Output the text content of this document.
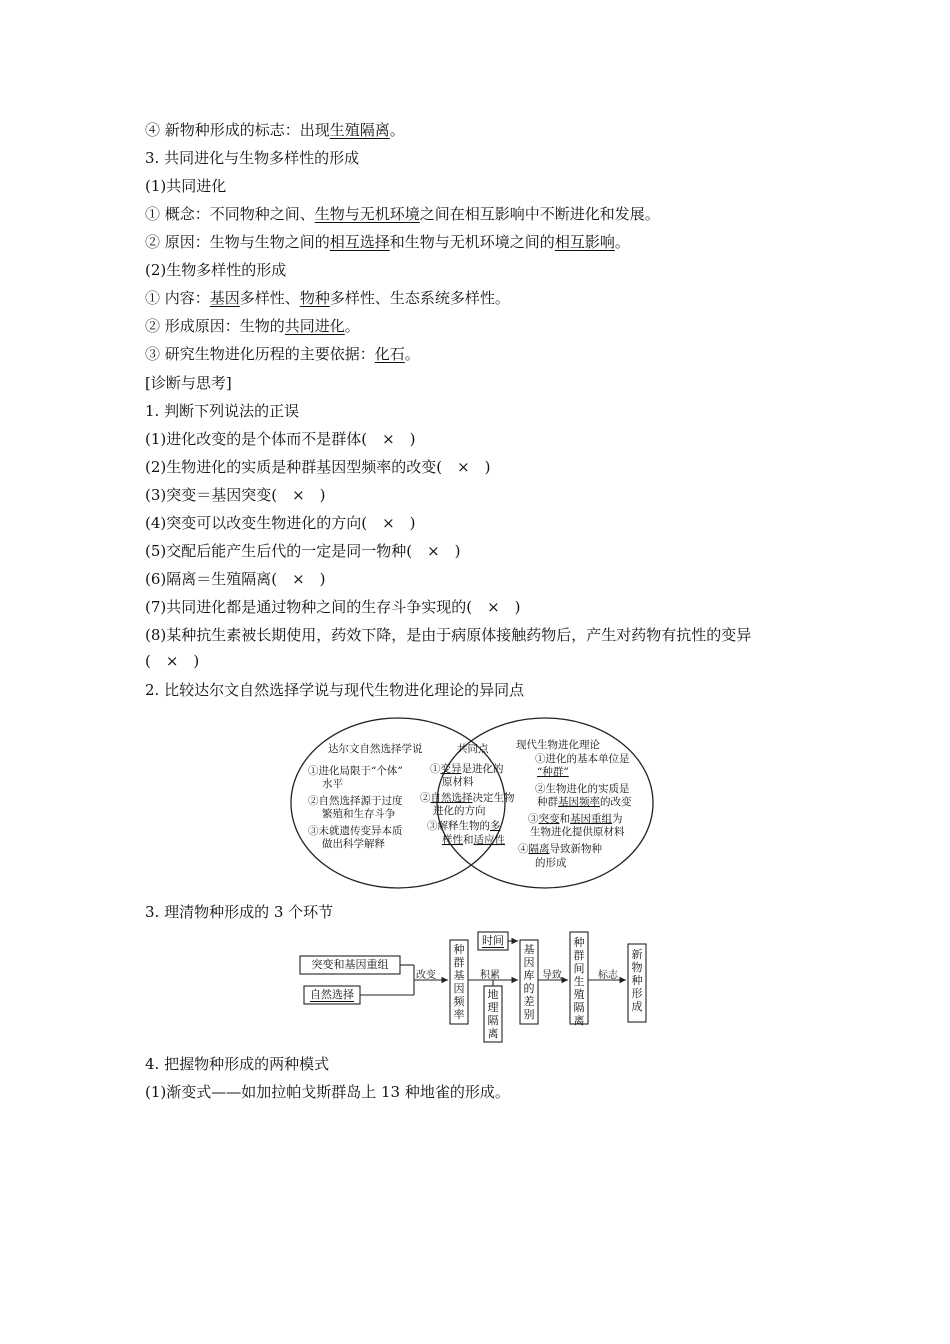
④ 新物种形成的标志：出现生殖隔离。
3. 共同进化与生物多样性的形成
(1)共同进化
① 概念：不同物种之间、生物与无机环境之间在相互影响中不断进化和发展。
② 原因：生物与生物之间的相互选择和生物与无机环境之间的相互影响。
(2)生物多样性的形成
① 内容：基因多样性、物种多样性、生态系统多样性。
② 形成原因：生物的共同进化。
③ 研究生物进化历程的主要依据：化石。
[诊断与思考]
1. 判断下列说法的正误
(1)进化改变的是个体而不是群体(　×　)
(2)生物进化的实质是种群基因型频率的改变(　×　)
(3)突变＝基因突变(　×　)
(4)突变可以改变生物进化的方向(　×　)
(5)交配后能产生后代的一定是同一物种(　×　)
(6)隔离＝生殖隔离(　×　)
(7)共同进化都是通过物种之间的生存斗争实现的(　×　)
(8)某种抗生素被长期使用，药效下降，是由于病原体接触药物后，产生对药物有抗性的变异
(　×　)
2. 比较达尔文自然选择学说与现代生物进化理论的异同点
达尔文自然选择学说
①进化局限于“个体”
水平
②自然选择源于过度
繁殖和生存斗争
③未就遗传变异本质
做出科学解释
共同点
①变异是进化的
原材料
②自然选择决定生物
进化的方向
③解释生物的多
样性和适应性
现代生物进化理论
①进化的基本单位是
“种群”
②生物进化的实质是
种群基因频率的改变
③突变和基因重组为
生物进化提供原材料
④隔离导致新物种
的形成
3. 理清物种形成的 3 个环节
突变和基因重组
自然选择
改变
种群基因频率
时间
积累
地理隔离
基因库的差别
导致
种群间生殖隔离
标志
新物种形成
4. 把握物种形成的两种模式
(1)渐变式——如加拉帕戈斯群岛上 13 种地雀的形成。
